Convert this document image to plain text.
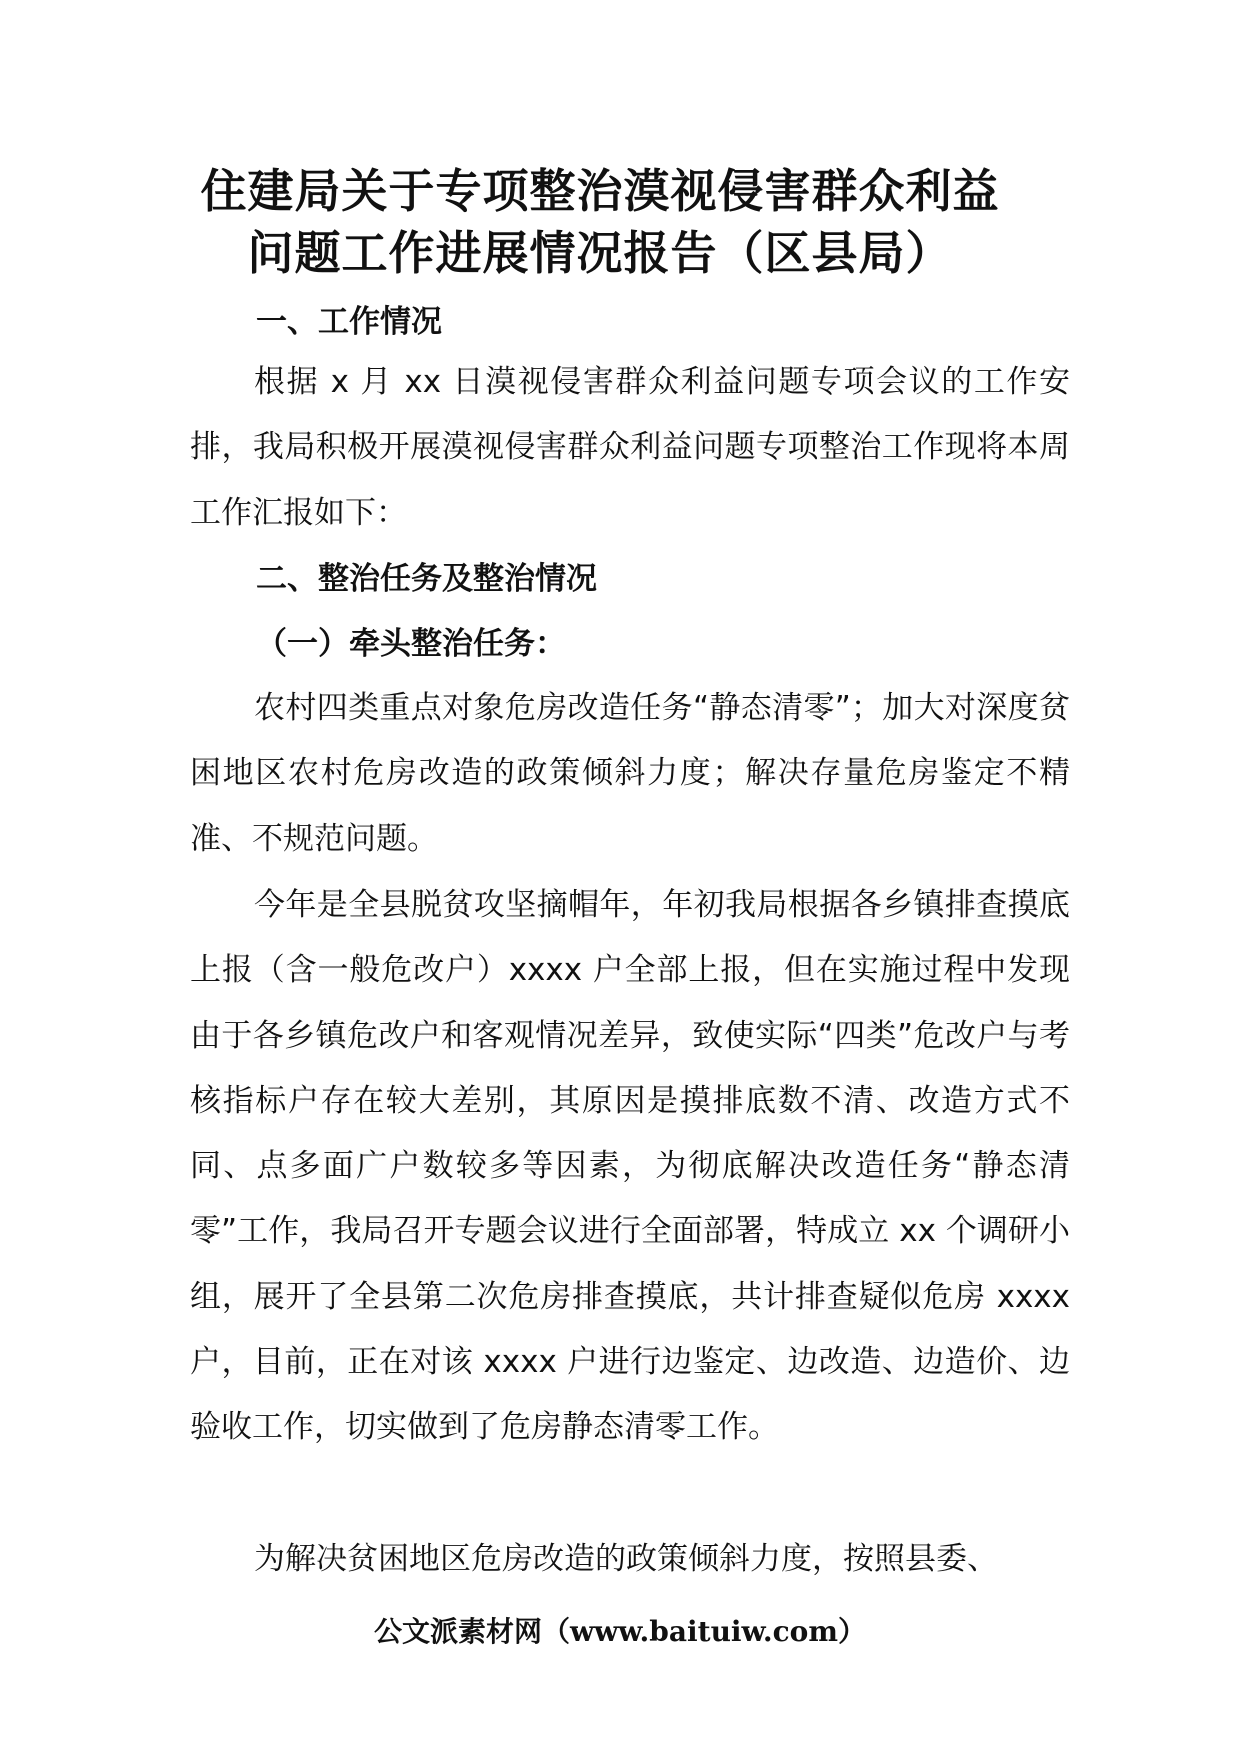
住建局关于专项整治漠视侵害群众利益
问题工作进展情况报告（区县局）
一、工作情况

根据 x 月 xx 日漠视侵害群众利益问题专项会议的工作安排，我局积极开展漠视侵害群众利益问题专项整治工作现将本周工作汇报如下：

二、整治任务及整治情况
（一）牵头整治任务：

农村四类重点对象危房改造任务“静态清零”；加大对深度贫困地区农村危房改造的政策倾斜力度；解决存量危房鉴定不精准、不规范问题。

今年是全县脱贫攻坚摘帽年，年初我局根据各乡镇排查摸底上报（含一般危改户）xxxx 户全部上报，但在实施过程中发现由于各乡镇危改户和客观情况差异，致使实际“四类”危改户与考核指标户存在较大差别，其原因是摸排底数不清、改造方式不同、点多面广户数较多等因素，为彻底解决改造任务“静态清零”工作，我局召开专题会议进行全面部署，特成立 xx 个调研小组，展开了全县第二次危房排查摸底，共计排查疑似危房 xxxx 户，目前，正在对该 xxxx 户进行边鉴定、边改造、边造价、边验收工作，切实做到了危房静态清零工作。

为解决贫困地区危房改造的政策倾斜力度，按照县委、

公文派素材网（www.baituiw.com）
